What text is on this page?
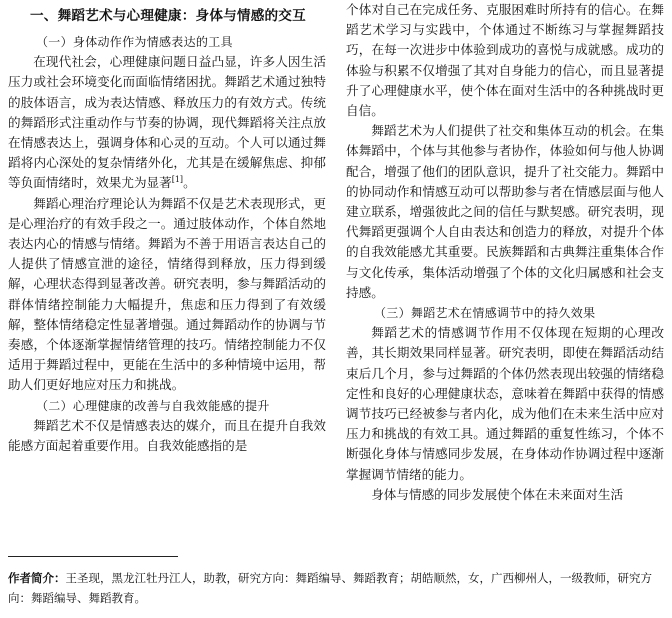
一、舞蹈艺术与心理健康：身体与情感的交互
（一）身体动作作为情感表达的工具

在现代社会，心理健康问题日益凸显，许多人因生活压力或社会环境变化而面临情绪困扰。舞蹈艺术通过独特的肢体语言，成为表达情感、释放压力的有效方式。传统的舞蹈形式注重动作与节奏的协调，现代舞蹈将关注点放在情感表达上，强调身体和心灵的互动。个人可以通过舞蹈将内心深处的复杂情绪外化，尤其是在缓解焦虑、抑郁等负面情绪时，效果尤为显著[1]。

舞蹈心理治疗理论认为舞蹈不仅是艺术表现形式，更是心理治疗的有效手段之一。通过肢体动作，个体自然地表达内心的情感与情绪。舞蹈为不善于用语言表达自己的人提供了情感宣泄的途径，情绪得到释放，压力得到缓解，心理状态得到显著改善。研究表明，参与舞蹈活动的群体情绪控制能力大幅提升，焦虑和压力得到了有效缓解，整体情绪稳定性显著增强。通过舞蹈动作的协调与节奏感，个体逐渐掌握情绪管理的技巧。情绪控制能力不仅适用于舞蹈过程中，更能在生活中的多种情境中运用，帮助人们更好地应对压力和挑战。

（二）心理健康的改善与自我效能感的提升

舞蹈艺术不仅是情感表达的媒介，而且在提升自我效能感方面起着重要作用。自我效能感指的是

个体对自己在完成任务、克服困难时所持有的信心。在舞蹈艺术学习与实践中，个体通过不断练习与掌握舞蹈技巧，在每一次进步中体验到成功的喜悦与成就感。成功的体验与积累不仅增强了其对自身能力的信心，而且显著提升了心理健康水平，使个体在面对生活中的各种挑战时更自信。

舞蹈艺术为人们提供了社交和集体互动的机会。在集体舞蹈中，个体与其他参与者协作，体验如何与他人协调配合，增强了他们的团队意识，提升了社交能力。舞蹈中的协同动作和情感互动可以帮助参与者在情感层面与他人建立联系，增强彼此之间的信任与默契感。研究表明，现代舞蹈更强调个人自由表达和创造力的释放，对提升个体的自我效能感尤其重要。民族舞蹈和古典舞注重集体合作与文化传承，集体活动增强了个体的文化归属感和社会支持感。

（三）舞蹈艺术在情感调节中的持久效果

舞蹈艺术的情感调节作用不仅体现在短期的心理改善，其长期效果同样显著。研究表明，即使在舞蹈活动结束后几个月，参与过舞蹈的个体仍然表现出较强的情绪稳定性和良好的心理健康状态，意味着在舞蹈中获得的情感调节技巧已经被参与者内化，成为他们在未来生活中应对压力和挑战的有效工具。通过舞蹈的重复性练习，个体不断强化身体与情感同步发展，在身体动作协调过程中逐渐掌握调节情绪的能力。

身体与情感的同步发展使个体在未来面对生活

作者简介：王圣现，黑龙江牡丹江人，助教，研究方向：舞蹈编导、舞蹈教育；胡皓顺然，女，广西柳州人，一级教师，研究方向：舞蹈编导、舞蹈教育。
